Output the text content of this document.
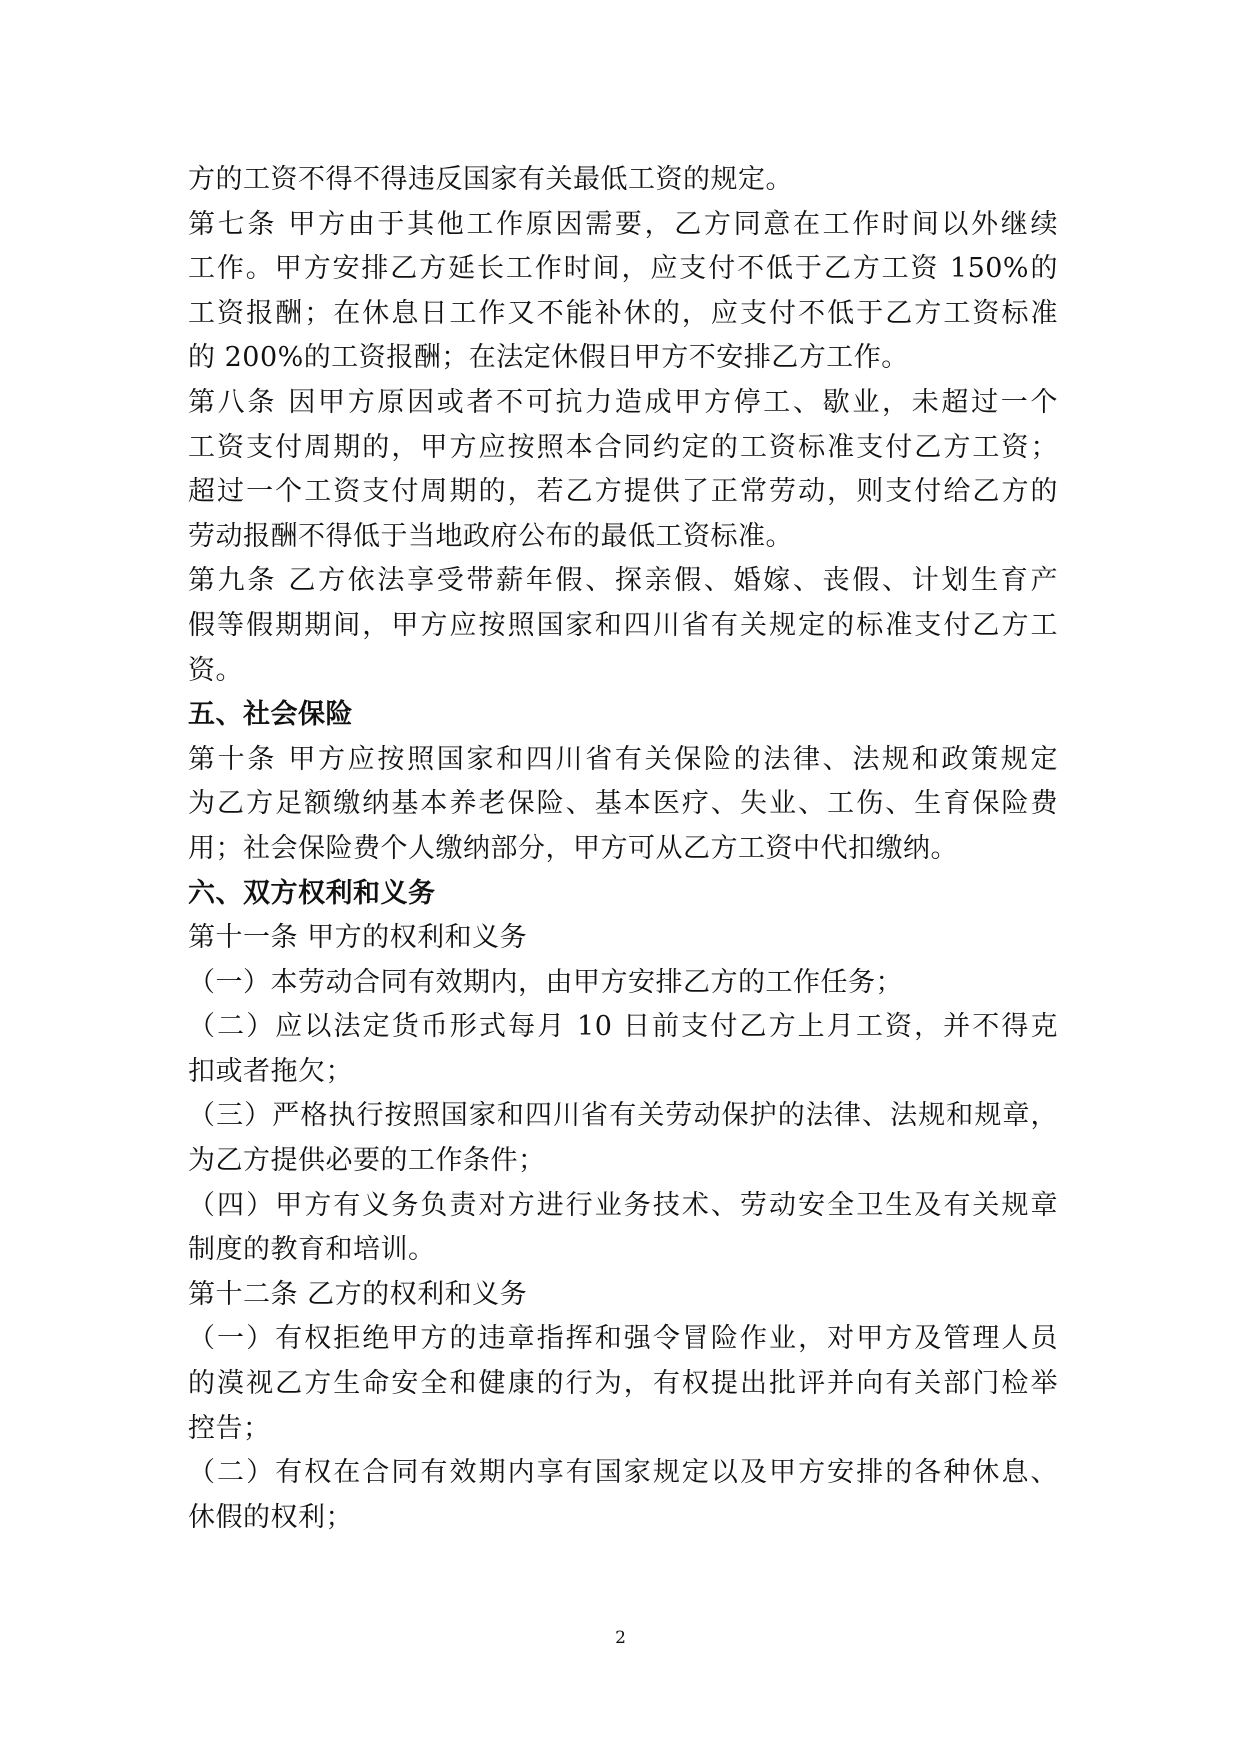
方的工资不得不得违反国家有关最低工资的规定。
第七条 甲方由于其他工作原因需要，乙方同意在工作时间以外继续
工作。甲方安排乙方延长工作时间，应支付不低于乙方工资 150%的
工资报酬；在休息日工作又不能补休的，应支付不低于乙方工资标准
的 200%的工资报酬；在法定休假日甲方不安排乙方工作。
第八条 因甲方原因或者不可抗力造成甲方停工、歇业，未超过一个
工资支付周期的，甲方应按照本合同约定的工资标准支付乙方工资；
超过一个工资支付周期的，若乙方提供了正常劳动，则支付给乙方的
劳动报酬不得低于当地政府公布的最低工资标准。
第九条 乙方依法享受带薪年假、探亲假、婚嫁、丧假、计划生育产
假等假期期间，甲方应按照国家和四川省有关规定的标准支付乙方工
资。
五、社会保险
第十条 甲方应按照国家和四川省有关保险的法律、法规和政策规定
为乙方足额缴纳基本养老保险、基本医疗、失业、工伤、生育保险费
用；社会保险费个人缴纳部分，甲方可从乙方工资中代扣缴纳。
六、双方权利和义务
第十一条 甲方的权利和义务
（一）本劳动合同有效期内，由甲方安排乙方的工作任务；
（二）应以法定货币形式每月 10 日前支付乙方上月工资，并不得克
扣或者拖欠；
（三）严格执行按照国家和四川省有关劳动保护的法律、法规和规章，
为乙方提供必要的工作条件；
（四）甲方有义务负责对方进行业务技术、劳动安全卫生及有关规章
制度的教育和培训。
第十二条 乙方的权利和义务
（一）有权拒绝甲方的违章指挥和强令冒险作业，对甲方及管理人员
的漠视乙方生命安全和健康的行为，有权提出批评并向有关部门检举
控告；
（二）有权在合同有效期内享有国家规定以及甲方安排的各种休息、
休假的权利；
2
